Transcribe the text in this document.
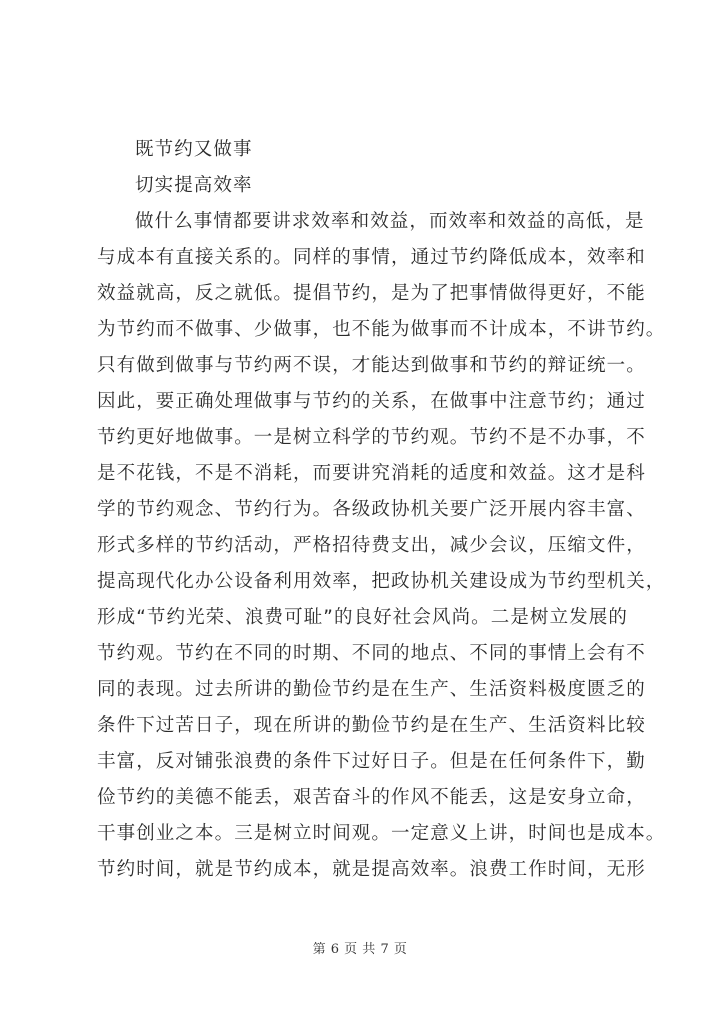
既节约又做事
切实提高效率
做什么事情都要讲求效率和效益，而效率和效益的高低，是
与成本有直接关系的。同样的事情，通过节约降低成本，效率和
效益就高，反之就低。提倡节约，是为了把事情做得更好，不能
为节约而不做事、少做事，也不能为做事而不计成本，不讲节约。
只有做到做事与节约两不误，才能达到做事和节约的辩证统一。
因此，要正确处理做事与节约的关系，在做事中注意节约；通过
节约更好地做事。一是树立科学的节约观。节约不是不办事，不
是不花钱，不是不消耗，而要讲究消耗的适度和效益。这才是科
学的节约观念、节约行为。各级政协机关要广泛开展内容丰富、
形式多样的节约活动，严格招待费支出，减少会议，压缩文件，
提高现代化办公设备利用效率，把政协机关建设成为节约型机关，
形成“节约光荣、浪费可耻”的良好社会风尚。二是树立发展的
节约观。节约在不同的时期、不同的地点、不同的事情上会有不
同的表现。过去所讲的勤俭节约是在生产、生活资料极度匮乏的
条件下过苦日子，现在所讲的勤俭节约是在生产、生活资料比较
丰富，反对铺张浪费的条件下过好日子。但是在任何条件下，勤
俭节约的美德不能丢，艰苦奋斗的作风不能丢，这是安身立命，
干事创业之本。三是树立时间观。一定意义上讲，时间也是成本。
节约时间，就是节约成本，就是提高效率。浪费工作时间，无形
第 6 页 共 7 页
